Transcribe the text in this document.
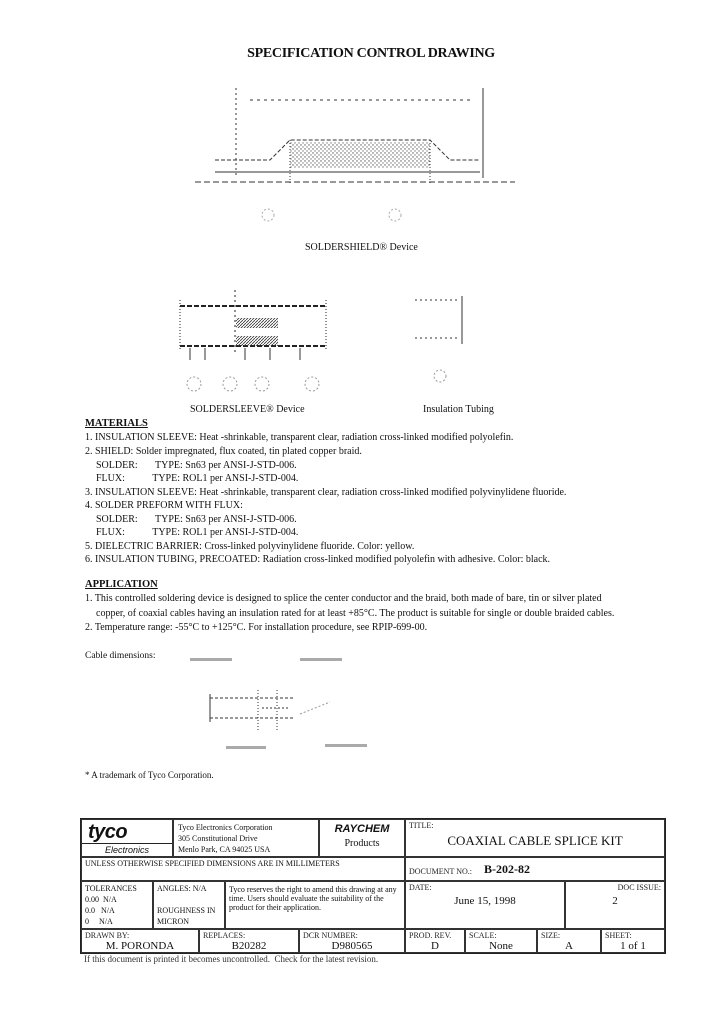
SPECIFICATION CONTROL DRAWING
SOLDERSHIELD® Device
SOLDERSLEEVE® Device	Insulation Tubing
MATERIALS
1. INSULATION SLEEVE: Heat -shrinkable, transparent clear, radiation cross-linked modified polyolefin.
2. SHIELD: Solder impregnated, flux coated, tin plated copper braid.
SOLDER:       TYPE: Sn63 per ANSI-J-STD-006.
FLUX:           TYPE: ROL1 per ANSI-J-STD-004.
3. INSULATION SLEEVE: Heat -shrinkable, transparent clear, radiation cross-linked modified polyvinylidene fluoride.
4. SOLDER PREFORM WITH FLUX:
SOLDER:       TYPE: Sn63 per ANSI-J-STD-006.
FLUX:           TYPE: ROL1 per ANSI-J-STD-004.
5. DIELECTRIC BARRIER: Cross-linked polyvinylidene fluoride. Color: yellow.
6. INSULATION TUBING, PRECOATED: Radiation cross-linked modified polyolefin with adhesive. Color: black.
APPLICATION
1. This controlled soldering device is designed to splice the center conductor and the braid, both made of bare, tin or silver plated
copper, of coaxial cables having an insulation rated for at least +85°C. The product is suitable for single or double braided cables.
2. Temperature range: -55°C to +125°C. For installation procedure, see RPIP-699-00.
Cable dimensions:
* A trademark of Tyco Corporation.
tyco
Electronics
Tyco Electronics Corporation
305 Constitutional Drive
Menlo Park, CA 94025 USA
RAYCHEM
Products
TITLE:
COAXIAL CABLE SPLICE KIT
UNLESS OTHERWISE SPECIFIED DIMENSIONS ARE IN MILLIMETERS
DOCUMENT NO.: B-202-82
TOLERANCES
0.00  N/A
0.0   N/A
0     N/A
ANGLES: N/A
ROUGHNESS IN
MICRON
Tyco reserves the right to amend this drawing at any time. Users should evaluate the suitability of the product for their application.
DATE:
June 15, 1998
DOC ISSUE:
2
DRAWN BY:
M. PORONDA
REPLACES:
B20282
DCR NUMBER:
D980565
PROD. REV.
D
SCALE:
None
SIZE:
A
SHEET:
1 of 1
If this document is printed it becomes uncontrolled.  Check for the latest revision.
